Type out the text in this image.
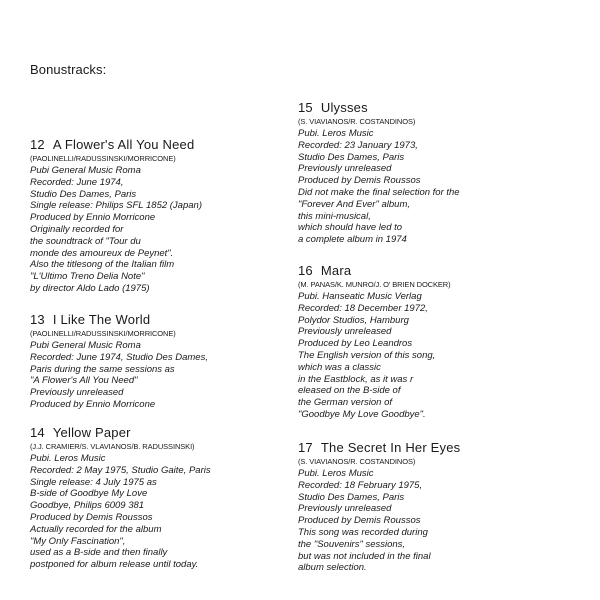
Bonustracks:
12 A Flower's All You Need
(PAOLINELLI/RADUSSINSKI/MORRICONE)
Pubi General Music Roma
Recorded: June 1974,
Studio Des Dames, Paris
Single release: Philips SFL 1852 (Japan)
Produced by Ennio Morricone
Originally recorded for
the soundtrack of "Tour du
monde des amoureux de Peynet".
Also the titlesong of the Italian film
"L'Ultimo Treno Delia Note"
by director Aldo Lado (1975)
13 I Like The World
(PAOLINELLI/RADUSSINSKI/MORRICONE)
Pubi General Music Roma
Recorded: June 1974, Studio Des Dames,
Paris during the same sessions as
"A Flower's All You Need"
Previously unreleased
Produced by Ennio Morricone
14 Yellow Paper
(J.J. CRAMIER/S. VLAVIANOS/B. RADUSSINSKI)
Pubi. Leros Music
Recorded: 2 May 1975, Studio Gaite, Paris
Single release: 4 July 1975 as
B-side of Goodbye My Love
Goodbye, Philips 6009 381
Produced by Demis Roussos
Actually recorded for the album
"My Only Fascination",
used as a B-side and then finally
postponed for album release until today.
15 Ulysses
(S. VIAVIANOS/R. COSTANDINOS)
Pubi. Leros Music
Recorded: 23 January 1973,
Studio Des Dames, Paris
Previously unreleased
Produced by Demis Roussos
Did not make the final selection for the
"Forever And Ever" album,
this mini-musical,
which should have led to
a complete album in 1974
16 Mara
(M. PANAS/K. MUNRO/J. O' BRIEN DOCKER)
Pubi. Hanseatic Music Verlag
Recorded: 18 December 1972,
Polydor Studios, Hamburg
Previously unreleased
Produced by Leo Leandros
The English version of this song,
which was a classic
in the Eastblock, as it was r
eleased on the B-side of
the German version of
"Goodbye My Love Goodbye".
17 The Secret In Her Eyes
(S. VIAVIANOS/R. COSTANDINOS)
Pubi. Leros Music
Recorded: 18 February 1975,
Studio Des Dames, Paris
Previously unreleased
Produced by Demis Roussos
This song was recorded during
the "Souvenirs" sessions,
but was not included in the final
album selection.
